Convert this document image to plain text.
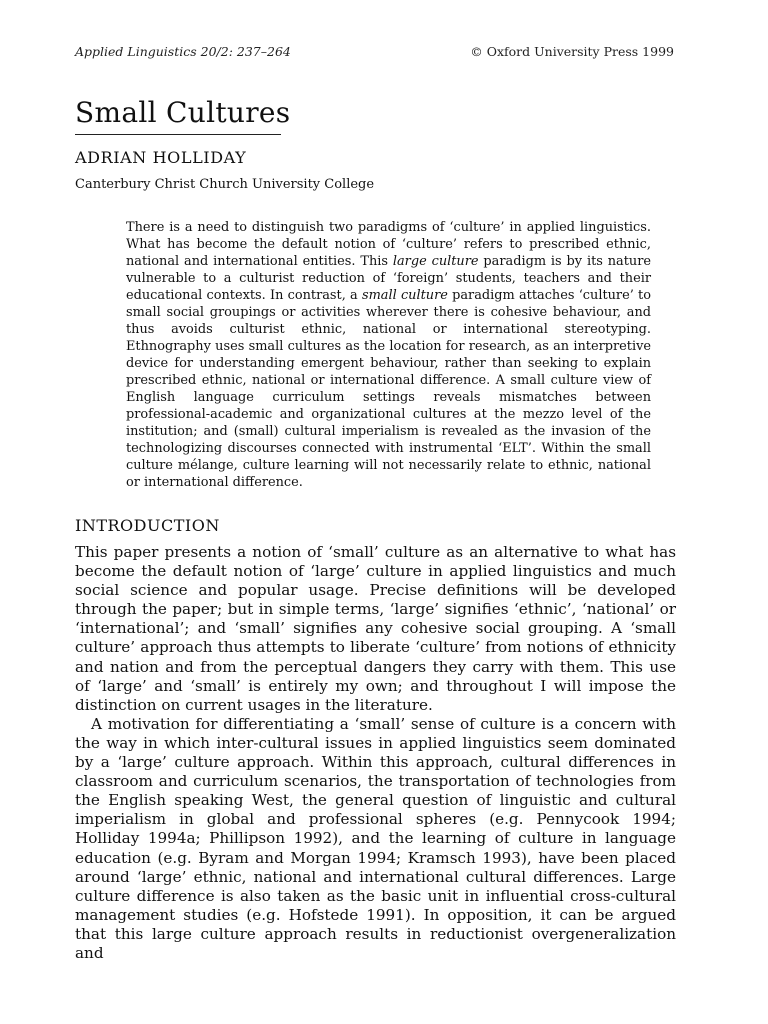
Applied Linguistics 20/2: 237–264	© Oxford University Press 1999
Small Cultures
ADRIAN HOLLIDAY
Canterbury Christ Church University College

There is a need to distinguish two paradigms of ‘culture’ in applied linguistics. What has become the default notion of ‘culture’ refers to prescribed ethnic, national and international entities. This large culture paradigm is by its nature vulnerable to a culturist reduction of ‘foreign’ students, teachers and their educational contexts. In contrast, a small culture paradigm attaches ‘culture’ to small social groupings or activities wherever there is cohesive behaviour, and thus avoids culturist ethnic, national or international stereotyping. Ethnography uses small cultures as the location for research, as an interpretive device for understanding emergent behaviour, rather than seeking to explain prescribed ethnic, national or international difference. A small culture view of English language curriculum settings reveals mismatches between professional-academic and organizational cultures at the mezzo level of the institution; and (small) cultural imperialism is revealed as the invasion of the technologizing discourses connected with instrumental ‘ELT’. Within the small culture mélange, culture learning will not necessarily relate to ethnic, national or international difference.

INTRODUCTION

This paper presents a notion of ‘small’ culture as an alternative to what has become the default notion of ‘large’ culture in applied linguistics and much social science and popular usage. Precise definitions will be developed through the paper; but in simple terms, ‘large’ signifies ‘ethnic’, ‘national’ or ‘international’; and ‘small’ signifies any cohesive social grouping. A ‘small culture’ approach thus attempts to liberate ‘culture’ from notions of ethnicity and nation and from the perceptual dangers they carry with them. This use of ‘large’ and ‘small’ is entirely my own; and throughout I will impose the distinction on current usages in the literature.

A motivation for differentiating a ‘small’ sense of culture is a concern with the way in which inter-cultural issues in applied linguistics seem dominated by a ‘large’ culture approach. Within this approach, cultural differences in classroom and curriculum scenarios, the transportation of technologies from the English speaking West, the general question of linguistic and cultural imperialism in global and professional spheres (e.g. Pennycook 1994; Holliday 1994a; Phillipson 1992), and the learning of culture in language education (e.g. Byram and Morgan 1994; Kramsch 1993), have been placed around ‘large’ ethnic, national and international cultural differences. Large culture difference is also taken as the basic unit in influential cross-cultural management studies (e.g. Hofstede 1991). In opposition, it can be argued that this large culture approach results in reductionist overgeneralization and
